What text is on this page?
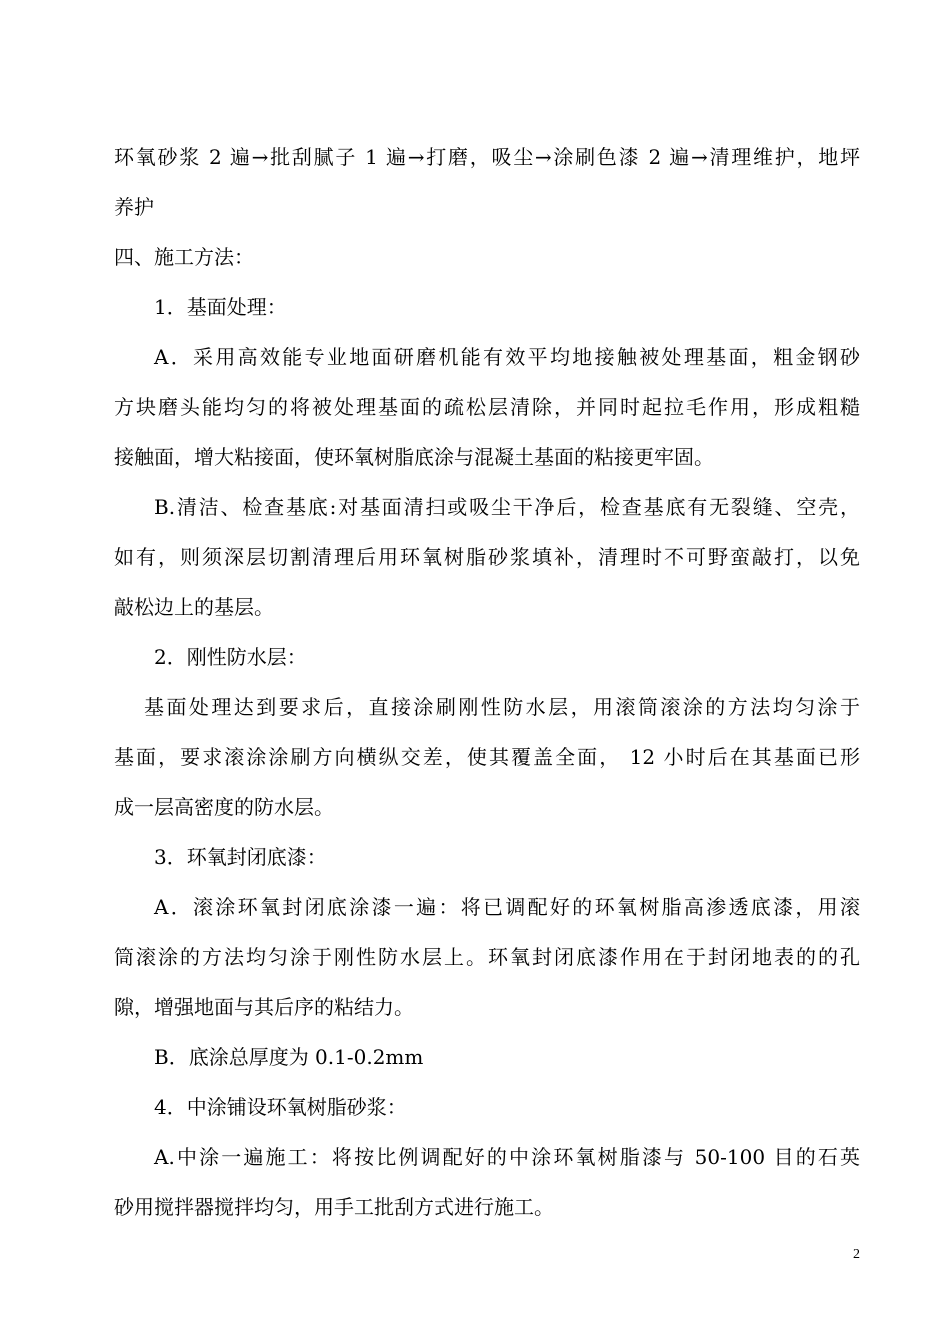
环氧砂浆 2 遍→批刮腻子 1 遍→打磨，吸尘→涂刷色漆 2 遍→清理维护，地坪
养护
四、施工方法：
1．基面处理：
A．采用高效能专业地面研磨机能有效平均地接触被处理基面，粗金钢砂
方块磨头能均匀的将被处理基面的疏松层清除，并同时起拉毛作用，形成粗糙
接触面，增大粘接面，使环氧树脂底涂与混凝土基面的粘接更牢固。
B.清洁、检查基底:对基面清扫或吸尘干净后，检查基底有无裂缝、空壳，
如有，则须深层切割清理后用环氧树脂砂浆填补，清理时不可野蛮敲打，以免
敲松边上的基层。
2．刚性防水层：
基面处理达到要求后，直接涂刷刚性防水层，用滚筒滚涂的方法均匀涂于
基面，要求滚涂涂刷方向横纵交差，使其覆盖全面， 12 小时后在其基面已形
成一层高密度的防水层。
3．环氧封闭底漆：
A．滚涂环氧封闭底涂漆一遍：将已调配好的环氧树脂高渗透底漆，用滚
筒滚涂的方法均匀涂于刚性防水层上。环氧封闭底漆作用在于封闭地表的的孔
隙，增强地面与其后序的粘结力。
B．底涂总厚度为 0.1-0.2mm
4．中涂铺设环氧树脂砂浆：
A.中涂一遍施工：将按比例调配好的中涂环氧树脂漆与 50-100 目的石英
砂用搅拌器搅拌均匀，用手工批刮方式进行施工。
2
